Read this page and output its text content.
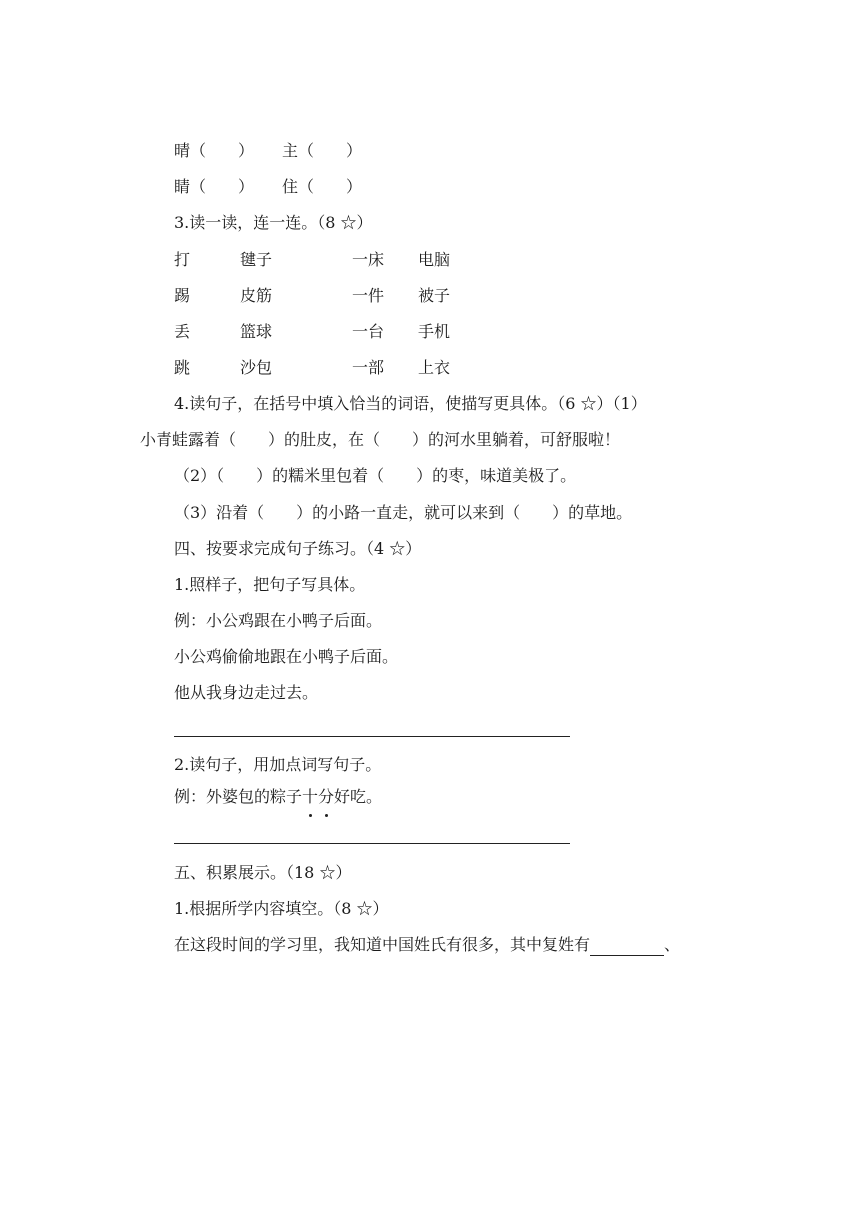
晴（　　） 主（　　）
睛（　　） 住（　　）
3.读一读，连一连。（8 ☆）
打	毽子	一床 电脑
踢	皮筋	一件 被子
丢	篮球	一台 手机
跳	沙包	一部 上衣
4.读句子，在括号中填入恰当的词语，使描写更具体。（6 ☆）（1）
小青蛙露着（　　）的肚皮，在（　　）的河水里躺着，可舒服啦！
（2）（　　）的糯米里包着（　　）的枣，味道美极了。
（3）沿着（　　）的小路一直走，就可以来到（　　）的草地。
四、按要求完成句子练习。（4 ☆）
1.照样子，把句子写具体。
例：小公鸡跟在小鸭子后面。
小公鸡偷偷地跟在小鸭子后面。
他从我身边走过去。
2.读句子，用加点词写句子。
例：外婆包的粽子十分好吃。
五、积累展示。（18 ☆）
1.根据所学内容填空。（8 ☆）
在这段时间的学习里，我知道中国姓氏有很多，其中复姓有	、
